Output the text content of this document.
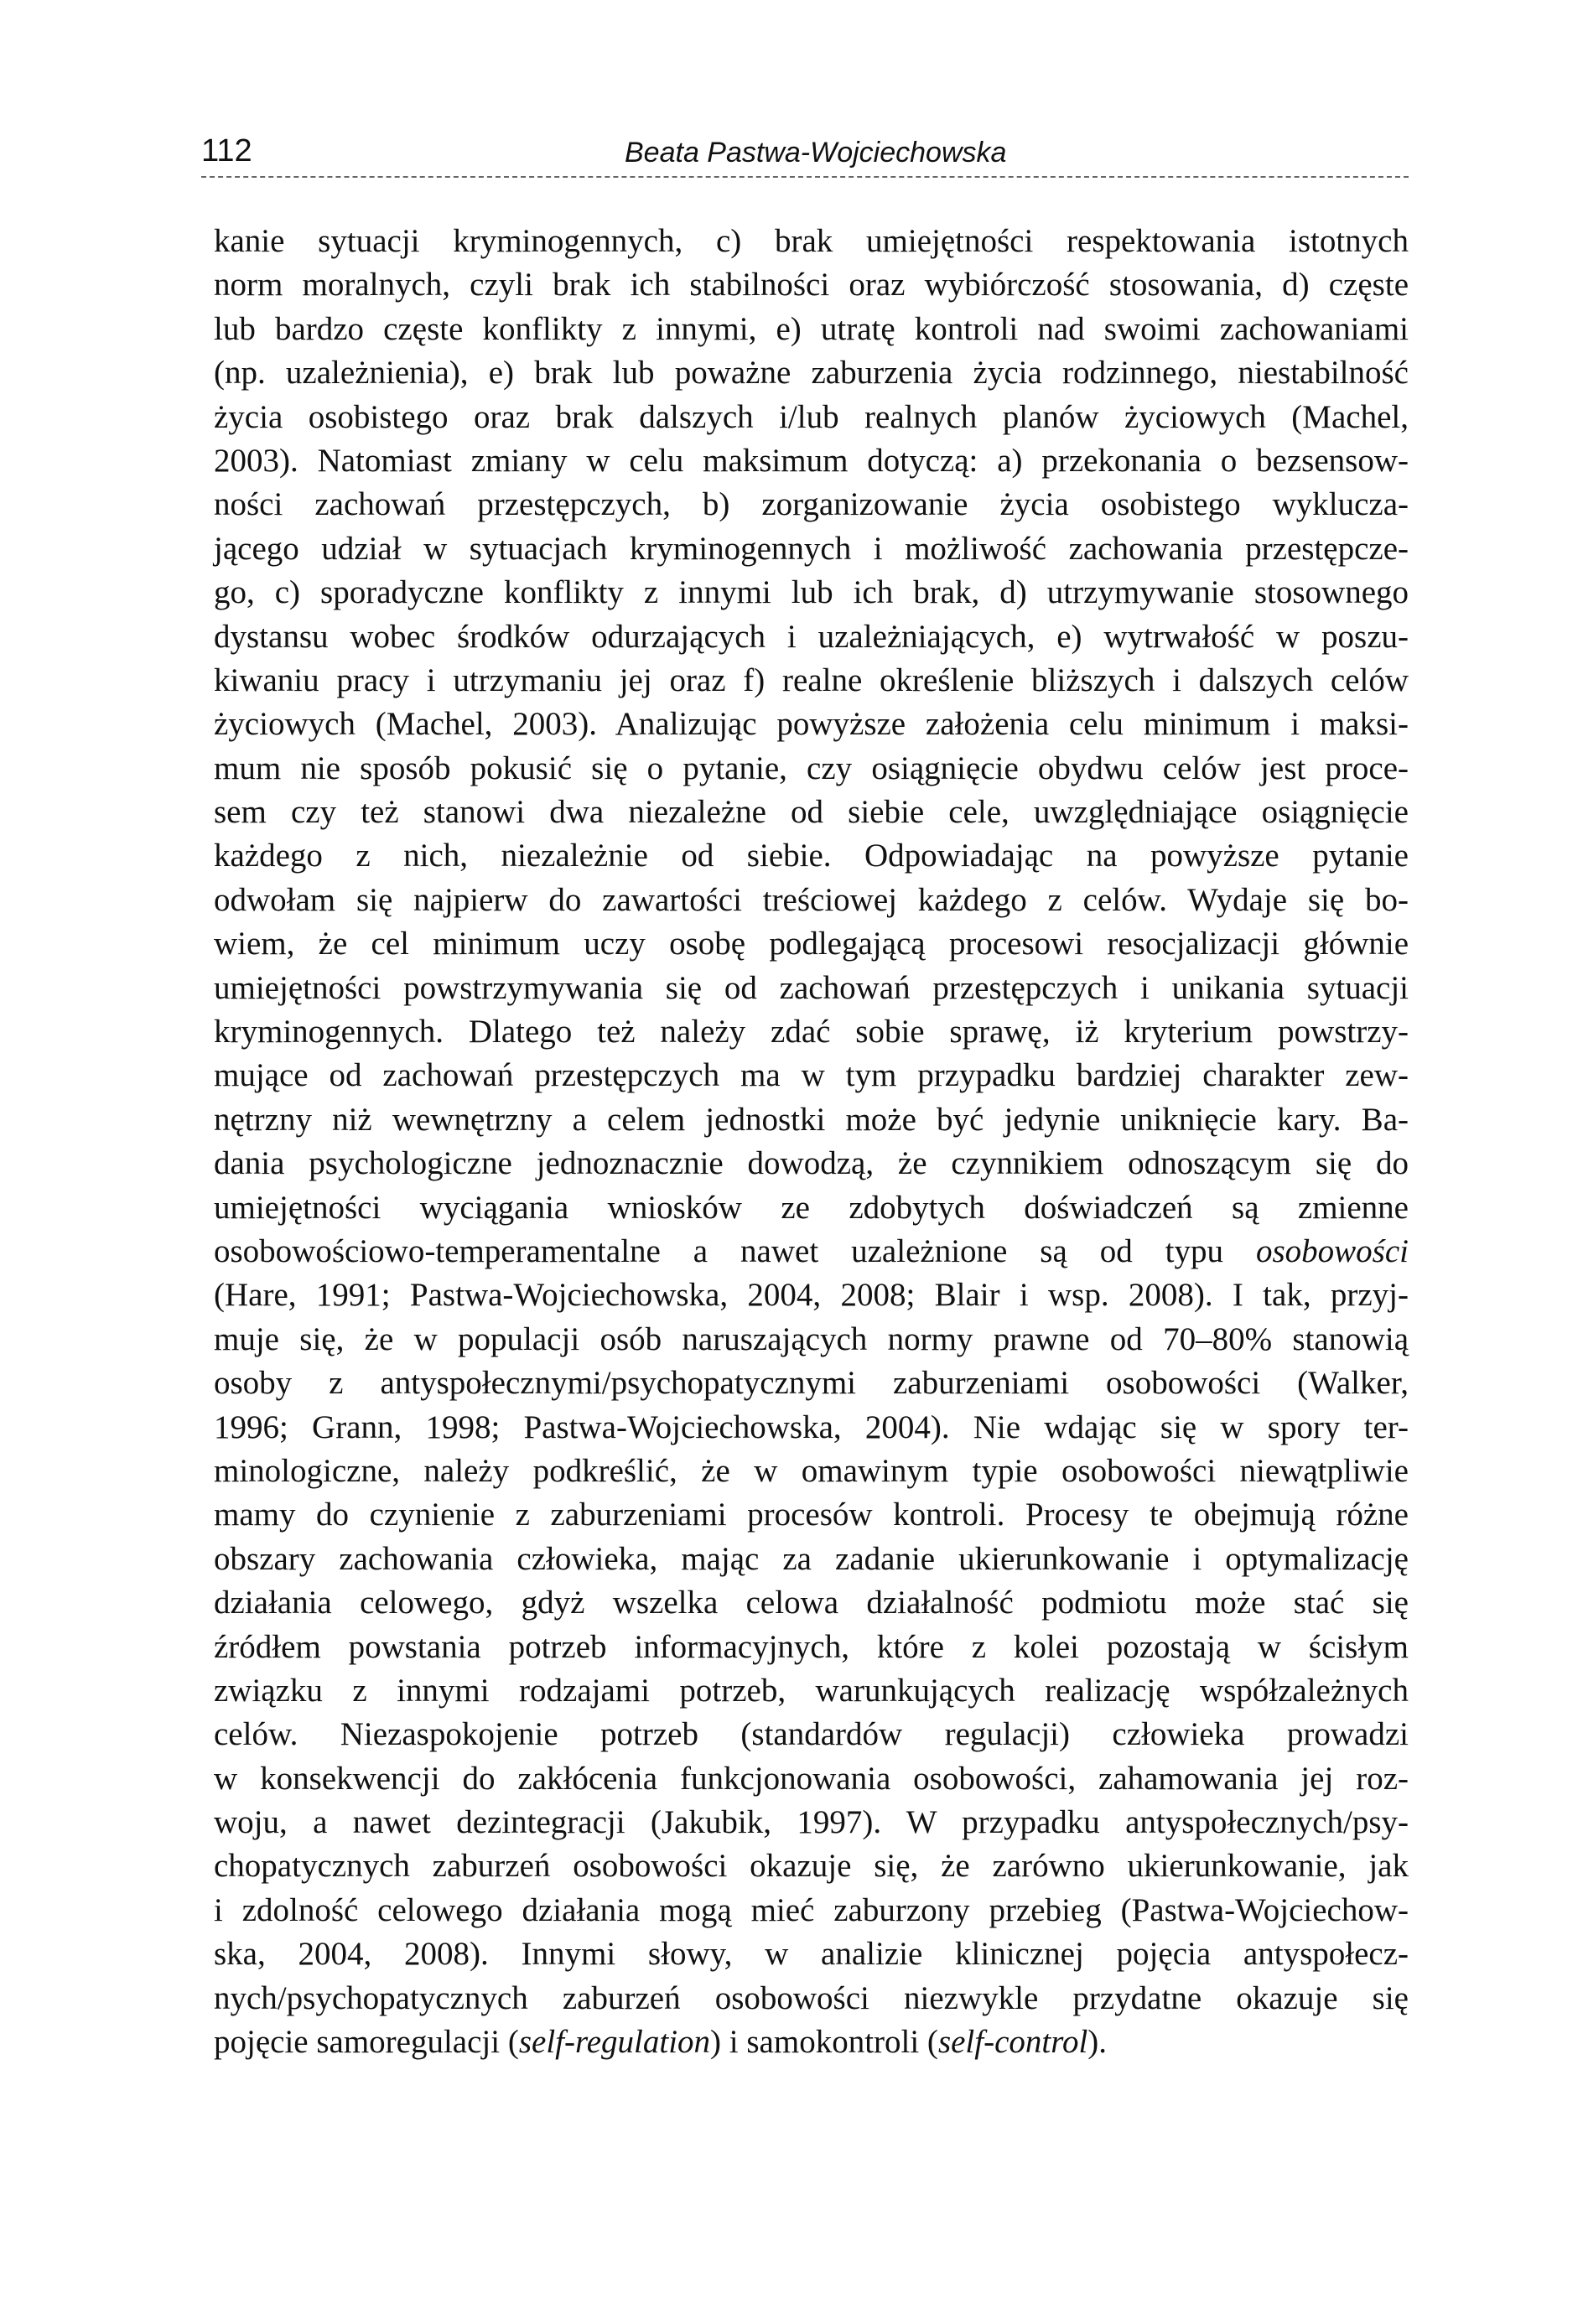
112	Beata Pastwa-Wojciechowska

kanie sytuacji kryminogennych, c) brak umiejętności respektowania istotnych
norm moralnych, czyli brak ich stabilności oraz wybiórczość stosowania, d) częste
lub bardzo częste konflikty z innymi, e) utratę kontroli nad swoimi zachowaniami
(np. uzależnienia), e) brak lub poważne zaburzenia życia rodzinnego, niestabilność
życia osobistego oraz brak dalszych i/lub realnych planów życiowych (Machel,
2003). Natomiast zmiany w celu maksimum dotyczą: a) przekonania o bezsensow-
ności zachowań przestępczych, b) zorganizowanie życia osobistego wyklucza-
jącego udział w sytuacjach kryminogennych i możliwość zachowania przestępcze-
go, c) sporadyczne konflikty z innymi lub ich brak, d) utrzymywanie stosownego
dystansu wobec środków odurzających i uzależniających, e) wytrwałość w poszu-
kiwaniu pracy i utrzymaniu jej oraz f) realne określenie bliższych i dalszych celów
życiowych (Machel, 2003). Analizując powyższe założenia celu minimum i maksi-
mum nie sposób pokusić się o pytanie, czy osiągnięcie obydwu celów jest proce-
sem czy też stanowi dwa niezależne od siebie cele, uwzględniające osiągnięcie
każdego z nich, niezależnie od siebie. Odpowiadając na powyższe pytanie
odwołam się najpierw do zawartości treściowej każdego z celów. Wydaje się bo-
wiem, że cel minimum uczy osobę podlegającą procesowi resocjalizacji głównie
umiejętności powstrzymywania się od zachowań przestępczych i unikania sytuacji
kryminogennych. Dlatego też należy zdać sobie sprawę, iż kryterium powstrzy-
mujące od zachowań przestępczych ma w tym przypadku bardziej charakter zew-
nętrzny niż wewnętrzny a celem jednostki może być jedynie uniknięcie kary. Ba-
dania psychologiczne jednoznacznie dowodzą, że czynnikiem odnoszącym się do
umiejętności wyciągania wniosków ze zdobytych doświadczeń są zmienne
osobowościowo-temperamentalne a nawet uzależnione są od typu osobowości
(Hare, 1991; Pastwa-Wojciechowska, 2004, 2008; Blair i wsp. 2008). I tak, przyj-
muje się, że w populacji osób naruszających normy prawne od 70–80% stanowią
osoby z antyspołecznymi/psychopatycznymi zaburzeniami osobowości (Walker,
1996; Grann, 1998; Pastwa-Wojciechowska, 2004). Nie wdając się w spory ter-
minologiczne, należy podkreślić, że w omawinym typie osobowości niewątpliwie
mamy do czynienie z zaburzeniami procesów kontroli. Procesy te obejmują różne
obszary zachowania człowieka, mając za zadanie ukierunkowanie i optymalizację
działania celowego, gdyż wszelka celowa działalność podmiotu może stać się
źródłem powstania potrzeb informacyjnych, które z kolei pozostają w ścisłym
związku z innymi rodzajami potrzeb, warunkujących realizację współzależnych
celów. Niezaspokojenie potrzeb (standardów regulacji) człowieka prowadzi
w konsekwencji do zakłócenia funkcjonowania osobowości, zahamowania jej roz-
woju, a nawet dezintegracji (Jakubik, 1997). W przypadku antyspołecznych/psy-
chopatycznych zaburzeń osobowości okazuje się, że zarówno ukierunkowanie, jak
i zdolność celowego działania mogą mieć zaburzony przebieg (Pastwa-Wojciechow-
ska, 2004, 2008). Innymi słowy, w analizie klinicznej pojęcia antyspołecz-
nych/psychopatycznych zaburzeń osobowości niezwykle przydatne okazuje się
pojęcie samoregulacji (self-regulation) i samokontroli (self-control).
